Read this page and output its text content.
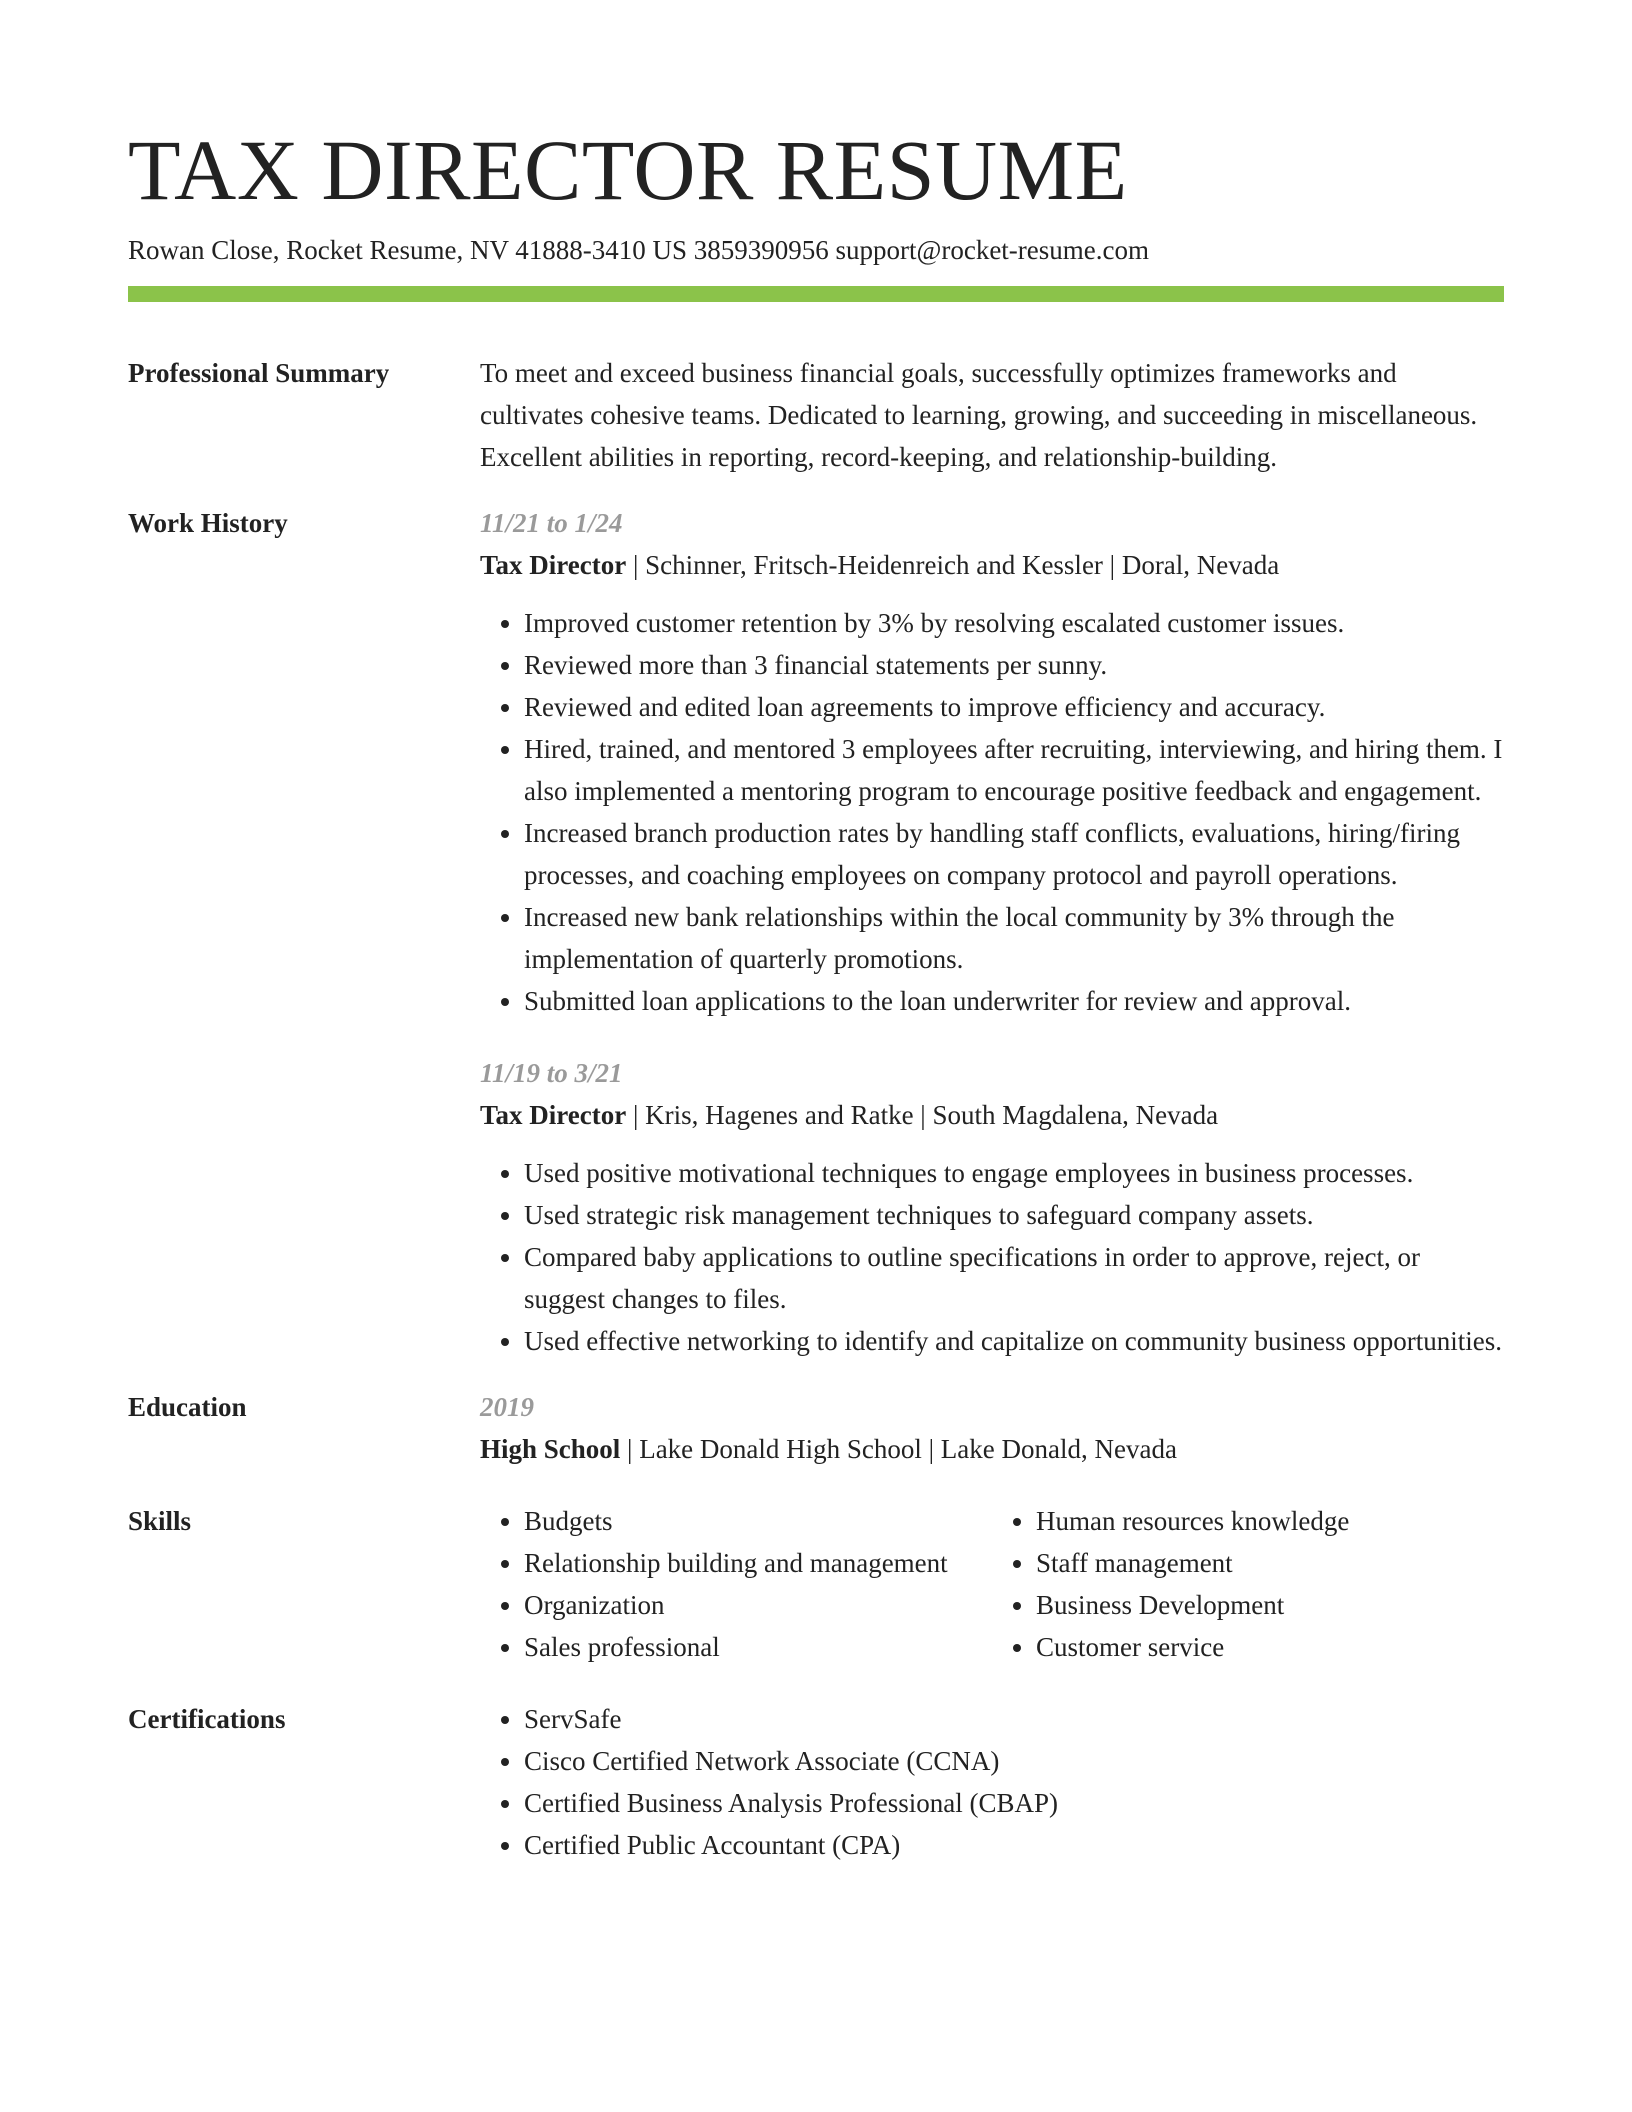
TAX DIRECTOR RESUME
Rowan Close, Rocket Resume, NV 41888-3410 US 3859390956 support@rocket-resume.com
Professional Summary	To meet and exceed business financial goals, successfully optimizes frameworks and cultivates cohesive teams. Dedicated to learning, growing, and succeeding in miscellaneous. Excellent abilities in reporting, record-keeping, and relationship-building.

Work History	11/21 to 1/24
Tax Director | Schinner, Fritsch-Heidenreich and Kessler | Doral, Nevada
• Improved customer retention by 3% by resolving escalated customer issues.
• Reviewed more than 3 financial statements per sunny.
• Reviewed and edited loan agreements to improve efficiency and accuracy.
• Hired, trained, and mentored 3 employees after recruiting, interviewing, and hiring them. I also implemented a mentoring program to encourage positive feedback and engagement.
• Increased branch production rates by handling staff conflicts, evaluations, hiring/firing processes, and coaching employees on company protocol and payroll operations.
• Increased new bank relationships within the local community by 3% through the implementation of quarterly promotions.
• Submitted loan applications to the loan underwriter for review and approval.
11/19 to 3/21
Tax Director | Kris, Hagenes and Ratke | South Magdalena, Nevada
• Used positive motivational techniques to engage employees in business processes.
• Used strategic risk management techniques to safeguard company assets.
• Compared baby applications to outline specifications in order to approve, reject, or suggest changes to files.
• Used effective networking to identify and capitalize on community business opportunities.
Education	2019
High School | Lake Donald High School | Lake Donald, Nevada
Skills	• Budgets
• Relationship building and management
• Organization
• Sales professional
• Human resources knowledge
• Staff management
• Business Development
• Customer service
Certifications	• ServSafe
• Cisco Certified Network Associate (CCNA)
• Certified Business Analysis Professional (CBAP)
• Certified Public Accountant (CPA)
